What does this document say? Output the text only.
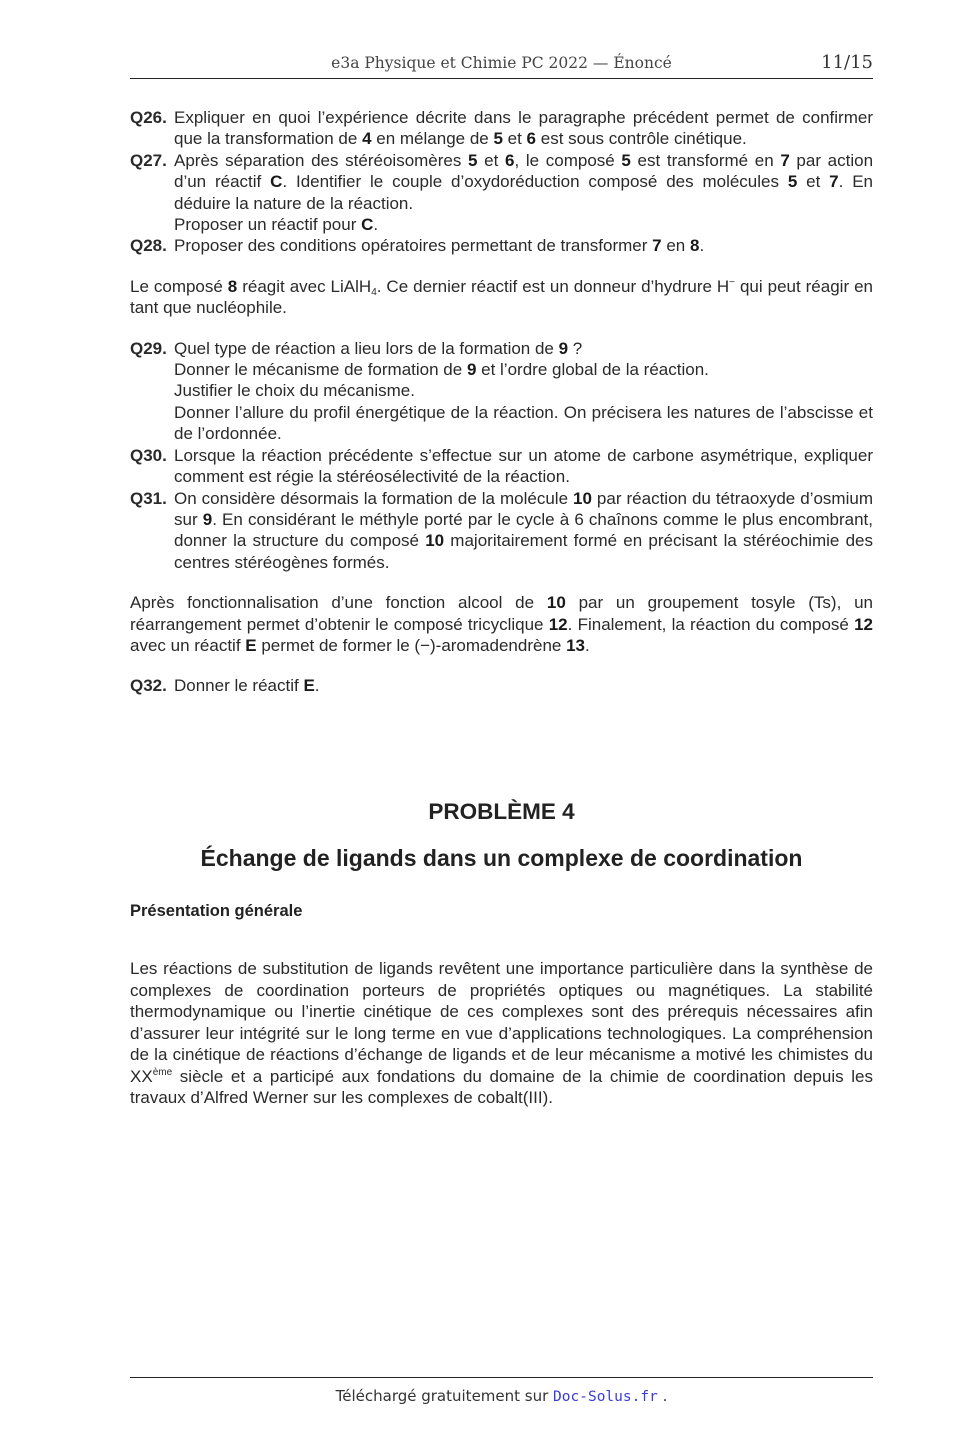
e3a Physique et Chimie PC 2022 — Énoncé	11/15
Q26. Expliquer en quoi l’expérience décrite dans le paragraphe précédent permet de confirmer que la transformation de 4 en mélange de 5 et 6 est sous contrôle cinétique.

Q27. Après séparation des stéréoisomères 5 et 6, le composé 5 est transformé en 7 par action d’un réactif C. Identifier le couple d’oxydoréduction composé des molécules 5 et 7. En déduire la nature de la réaction.

Proposer un réactif pour C.

Q28. Proposer des conditions opératoires permettant de transformer 7 en 8.

Le composé 8 réagit avec LiAlH$_4$. Ce dernier réactif est un donneur d’hydrure H− qui peut réagir en tant que nucléophile.

Q29. Quel type de réaction a lieu lors de la formation de 9 ?

Donner le mécanisme de formation de 9 et l’ordre global de la réaction.

Justifier le choix du mécanisme.

Donner l’allure du profil énergétique de la réaction. On précisera les natures de l’abscisse et de l’ordonnée.

Q30. Lorsque la réaction précédente s’effectue sur un atome de carbone asymétrique, expliquer comment est régie la stéréosélectivité de la réaction.

Q31. On considère désormais la formation de la molécule 10 par réaction du tétraoxyde d’osmium sur 9. En considérant le méthyle porté par le cycle à 6 chaînons comme le plus encombrant, donner la structure du composé 10 majoritairement formé en précisant la stéréochimie des centres stéréogènes formés.

Après fonctionnalisation d’une fonction alcool de 10 par un groupement tosyle (Ts), un réarrangement permet d’obtenir le composé tricyclique 12. Finalement, la réaction du composé 12 avec un réactif E permet de former le (−)-aromadendrène 13.

Q32. Donner le réactif E.

PROBLÈME 4
Échange de ligands dans un complexe de coordination
Présentation générale

Les réactions de substitution de ligands revêtent une importance particulière dans la synthèse de complexes de coordination porteurs de propriétés optiques ou magnétiques. La stabilité thermodynamique ou l’inertie cinétique de ces complexes sont des prérequis nécessaires afin d’assurer leur intégrité sur le long terme en vue d’applications technologiques. La compréhension de la cinétique de réactions d’échange de ligands et de leur mécanisme a motivé les chimistes du XXème siècle et a participé aux fondations du domaine de la chimie de coordination depuis les travaux d’Alfred Werner sur les complexes de cobalt(III).

Téléchargé gratuitement sur Doc-Solus.fr .
